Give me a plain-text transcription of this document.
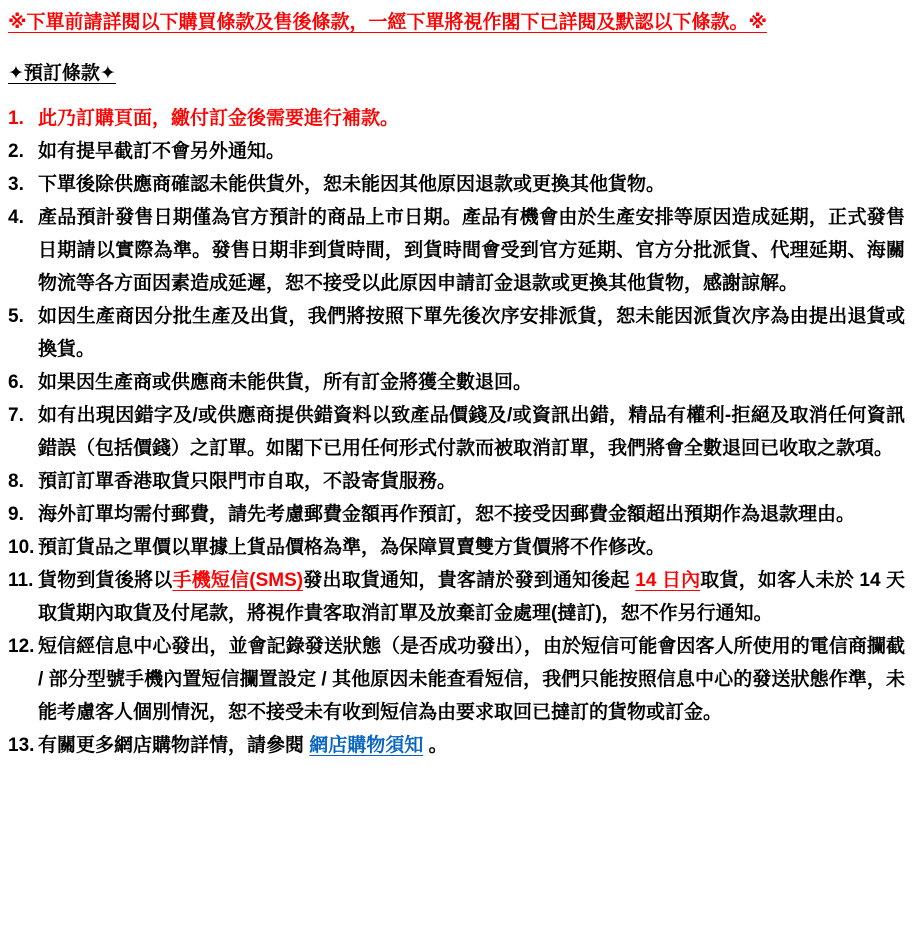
※下單前請詳閱以下購買條款及售後條款，一經下單將視作閣下已詳閱及默認以下條款。※

✦預訂條款✦

1. 此乃訂購頁面，繳付訂金後需要進行補款。
2. 如有提早截訂不會另外通知。
3. 下單後除供應商確認未能供貨外，恕未能因其他原因退款或更換其他貨物。
4. 產品預計發售日期僅為官方預計的商品上市日期。產品有機會由於生產安排等原因造成延期，正式發售日期請以實際為準。發售日期非到貨時間，到貨時間會受到官方延期、官方分批派貨、代理延期、海關物流等各方面因素造成延遲，恕不接受以此原因申請訂金退款或更換其他貨物，感謝諒解。
5. 如因生產商因分批生產及出貨，我們將按照下單先後次序安排派貨，恕未能因派貨次序為由提出退貨或換貨。
6. 如果因生產商或供應商未能供貨，所有訂金將獲全數退回。
7. 如有出現因錯字及/或供應商提供錯資料以致產品價錢及/或資訊出錯，精品有權利-拒絕及取消任何資訊錯誤（包括價錢）之訂單。如閣下已用任何形式付款而被取消訂單，我們將會全數退回已收取之款項。
8. 預訂訂單香港取貨只限門市自取，不設寄貨服務。
9. 海外訂單均需付郵費，請先考慮郵費金額再作預訂，恕不接受因郵費金額超出預期作為退款理由。
10. 預訂貨品之單價以單據上貨品價格為準，為保障買賣雙方貨價將不作修改。
11. 貨物到貨後將以手機短信(SMS)發出取貨通知，貴客請於發到通知後起 14 日內取貨，如客人未於 14 天取貨期內取貨及付尾款，將視作貴客取消訂單及放棄訂金處理(撻訂)，恕不作另行通知。
12. 短信經信息中心發出，並會記錄發送狀態（是否成功發出），由於短信可能會因客人所使用的電信商攔截 / 部分型號手機內置短信攔置設定 / 其他原因未能查看短信，我們只能按照信息中心的發送狀態作準，未能考慮客人個別情況，恕不接受未有收到短信為由要求取回已撻訂的貨物或訂金。
13. 有關更多網店購物詳情，請參閱 網店購物須知 。
